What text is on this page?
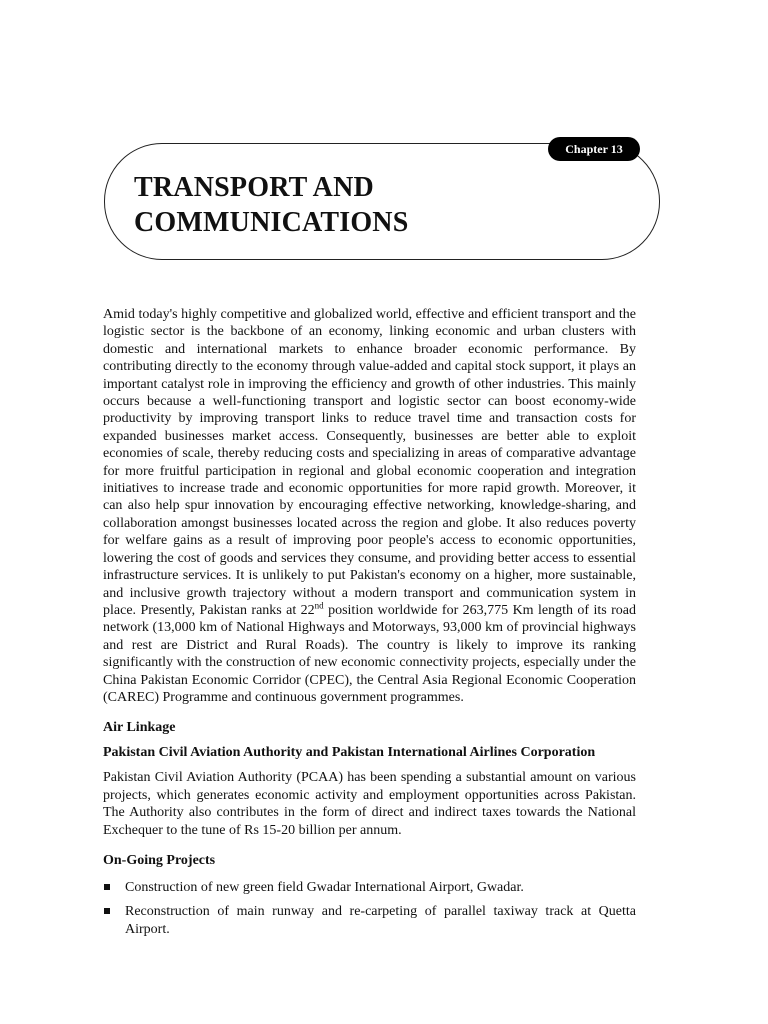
Chapter 13
TRANSPORT AND
COMMUNICATIONS

Amid today's highly competitive and globalized world, effective and efficient transport and the logistic sector is the backbone of an economy, linking economic and urban clusters with domestic and international markets to enhance broader economic performance. By contributing directly to the economy through value-added and capital stock support, it plays an important catalyst role in improving the efficiency and growth of other industries. This mainly occurs because a well-functioning transport and logistic sector can boost economy-wide productivity by improving transport links to reduce travel time and transaction costs for expanded businesses market access. Consequently, businesses are better able to exploit economies of scale, thereby reducing costs and specializing in areas of comparative advantage for more fruitful participation in regional and global economic cooperation and integration initiatives to increase trade and economic opportunities for more rapid growth. Moreover, it can also help spur innovation by encouraging effective networking, knowledge-sharing, and collaboration amongst businesses located across the region and globe. It also reduces poverty for welfare gains as a result of improving poor people's access to economic opportunities, lowering the cost of goods and services they consume, and providing better access to essential infrastructure services. It is unlikely to put Pakistan's economy on a higher, more sustainable, and inclusive growth trajectory without a modern transport and communication system in place. Presently, Pakistan ranks at 22nd position worldwide for 263,775 Km length of its road network (13,000 km of National Highways and Motorways, 93,000 km of provincial highways and rest are District and Rural Roads). The country is likely to improve its ranking significantly with the construction of new economic connectivity projects, especially under the China Pakistan Economic Corridor (CPEC), the Central Asia Regional Economic Cooperation (CAREC) Programme and continuous government programmes.

Air Linkage
Pakistan Civil Aviation Authority and Pakistan International Airlines Corporation

Pakistan Civil Aviation Authority (PCAA) has been spending a substantial amount on various projects, which generates economic activity and employment opportunities across Pakistan. The Authority also contributes in the form of direct and indirect taxes towards the National Exchequer to the tune of Rs 15-20 billion per annum.

On-Going Projects
Construction of new green field Gwadar International Airport, Gwadar.
Reconstruction of main runway and re-carpeting of parallel taxiway track at Quetta Airport.
